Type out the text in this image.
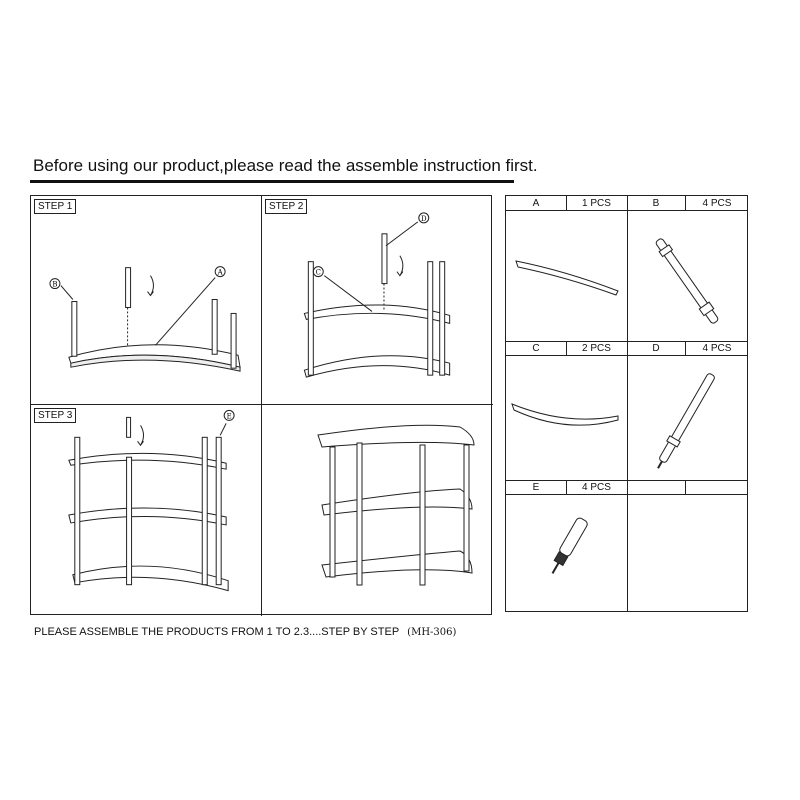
Before using our product,please read the assemble instruction first.
B
A
STEP 1
D
C
STEP 2
E
STEP 3
PLEASE ASSEMBLE THE PRODUCTS FROM 1 TO 2.3....STEP BY STEP (MH-306)
A	1 PCS	B	4 PCS
C	2 PCS	D	4 PCS
E	4 PCS
